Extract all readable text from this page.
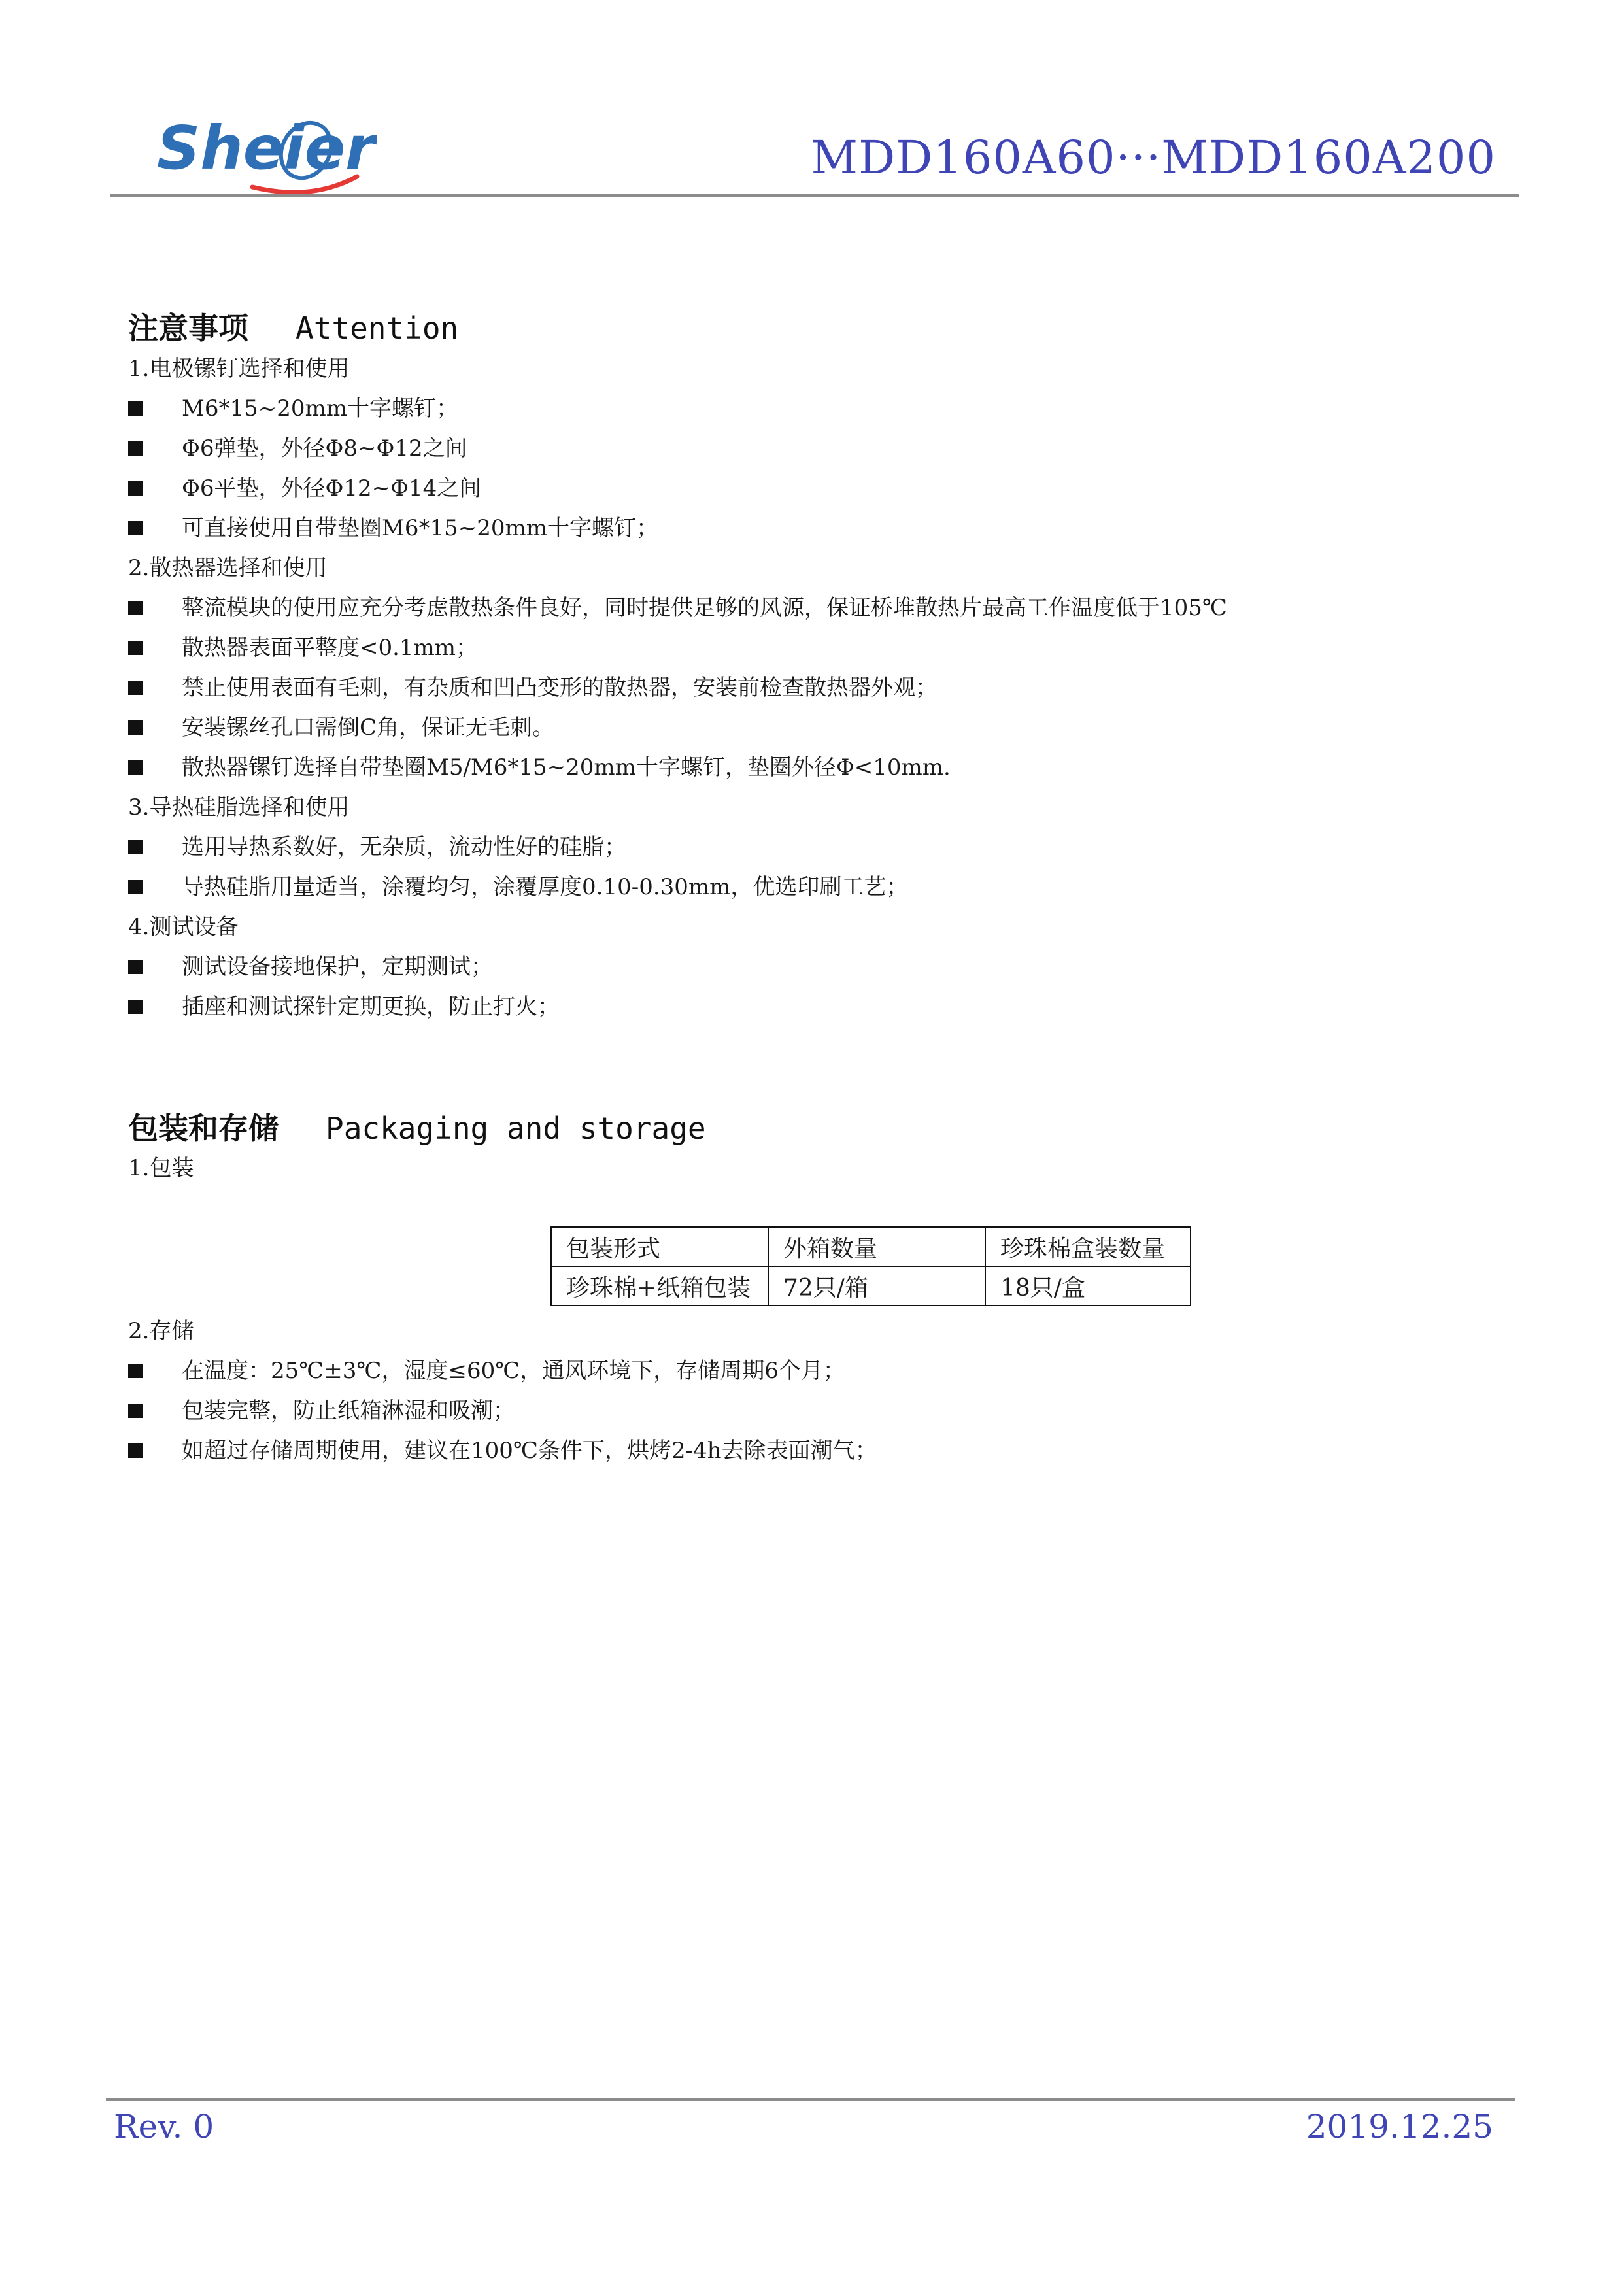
Sheier	MDD160A60···MDD160A200
注意事项 Attention
1.电极镙钉选择和使用
M6*15~20mm十字螺钉；
Φ6弹垫，外径Φ8~Φ12之间
Φ6平垫，外径Φ12~Φ14之间
可直接使用自带垫圈M6*15~20mm十字螺钉；
2.散热器选择和使用
整流模块的使用应充分考虑散热条件良好，同时提供足够的风源，保证桥堆散热片最高工作温度低于105℃
散热器表面平整度<0.1mm；
禁止使用表面有毛刺，有杂质和凹凸变形的散热器，安装前检查散热器外观；
安装镙丝孔口需倒C角，保证无毛刺。
散热器镙钉选择自带垫圈M5/M6*15~20mm十字螺钉，垫圈外径Φ<10mm.
3.导热硅脂选择和使用
选用导热系数好，无杂质，流动性好的硅脂；
导热硅脂用量适当，涂覆均匀，涂覆厚度0.10-0.30mm，优选印刷工艺；
4.测试设备
测试设备接地保护，定期测试；
插座和测试探针定期更换，防止打火；
包装和存储 Packaging and storage
1.包装
包装形式	外箱数量	珍珠棉盒装数量
珍珠棉+纸箱包装	72只/箱	18只/盒
2.存储
在温度：25℃±3℃，湿度≤60℃，通风环境下，存储周期6个月；
包装完整，防止纸箱淋湿和吸潮；
如超过存储周期使用，建议在100℃条件下，烘烤2-4h去除表面潮气；
Rev. 0	2019.12.25
